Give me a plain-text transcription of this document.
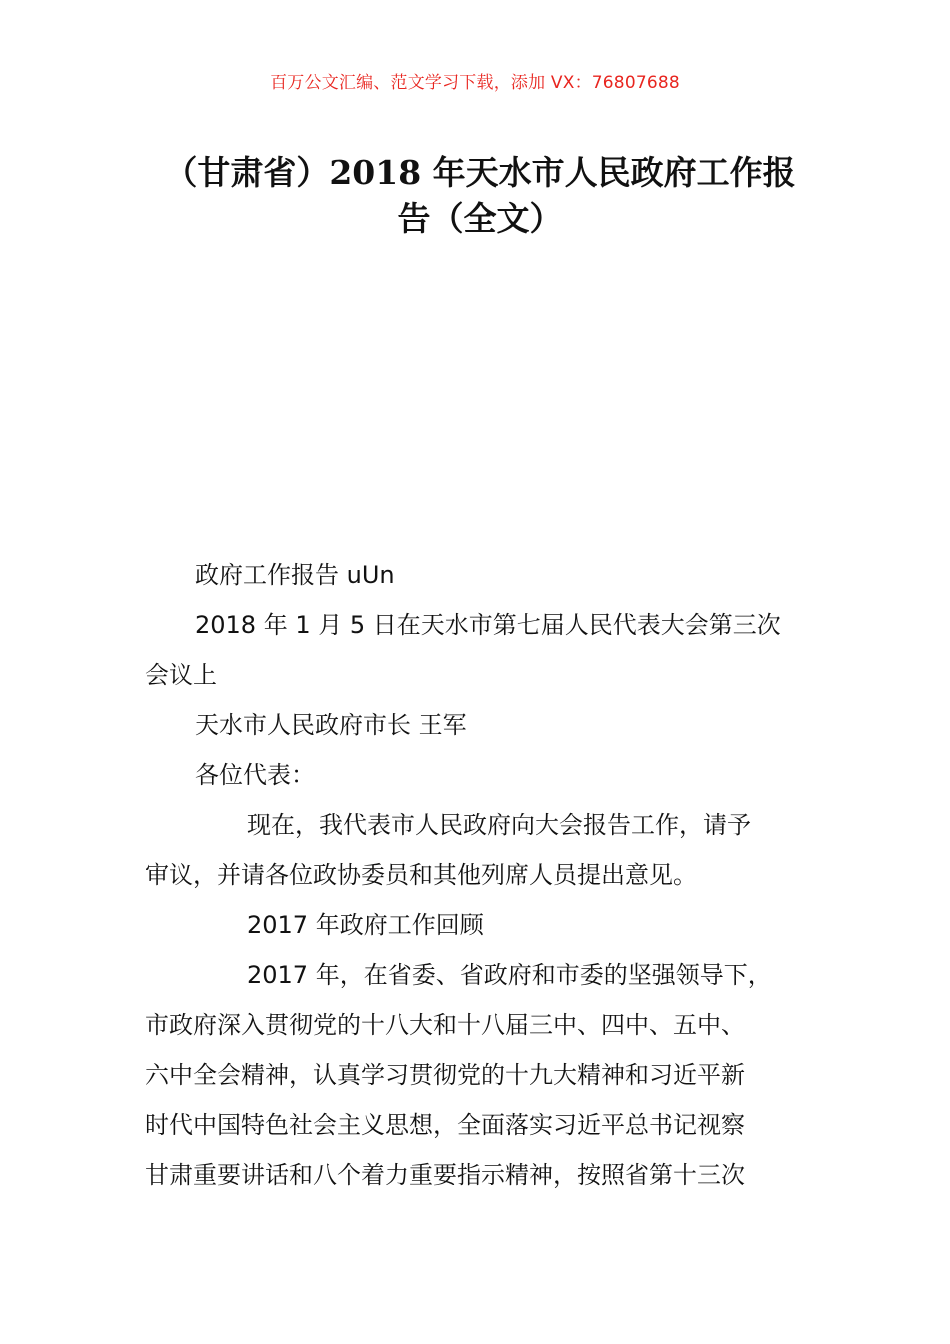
百万公文汇编、范文学习下载，添加 VX：76807688
（甘肃省）2018 年天水市人民政府工作报
告（全文）
政府工作报告 uUn
2018 年 1 月 5 日在天水市第七届人民代表大会第三次
会议上
天水市人民政府市长 王军
各位代表：
现在，我代表市人民政府向大会报告工作，请予
审议，并请各位政协委员和其他列席人员提出意见。
2017 年政府工作回顾
2017 年，在省委、省政府和市委的坚强领导下，
市政府深入贯彻党的十八大和十八届三中、四中、五中、
六中全会精神，认真学习贯彻党的十九大精神和习近平新
时代中国特色社会主义思想，全面落实习近平总书记视察
甘肃重要讲话和八个着力重要指示精神，按照省第十三次
